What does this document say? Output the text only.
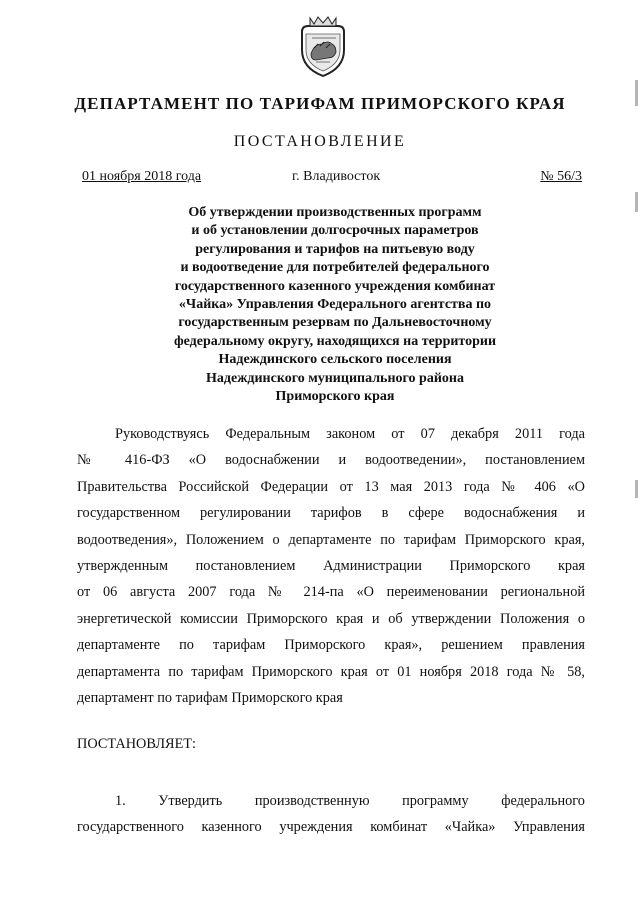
ДЕПАРТАМЕНТ ПО ТАРИФАМ ПРИМОРСКОГО КРАЯ
ПОСТАНОВЛЕНИЕ
01 ноября 2018 года	г. Владивосток	№ 56/3
Об утверждении производственных программ
и об установлении долгосрочных параметров
регулирования и тарифов на питьевую воду
и водоотведение для потребителей федерального
государственного казенного учреждения комбинат
«Чайка» Управления Федерального агентства по
государственным резервам по Дальневосточному
федеральному округу, находящихся на территории
Надеждинского сельского поселения
Надеждинского муниципального района
Приморского края
Руководствуясь Федеральным законом от 07 декабря 2011 года
№ 416-ФЗ «О водоснабжении и водоотведении», постановлением
Правительства Российской Федерации от 13 мая 2013 года № 406 «О
государственном регулировании тарифов в сфере водоснабжения и
водоотведения», Положением о департаменте по тарифам Приморского края,
утвержденным постановлением Администрации Приморского края
от 06 августа 2007 года № 214-па «О переименовании региональной
энергетической комиссии Приморского края и об утверждении Положения о
департаменте по тарифам Приморского края», решением правления
департамента по тарифам Приморского края от 01 ноября 2018 года № 58,
департамент по тарифам Приморского края
ПОСТАНОВЛЯЕТ:
1. Утвердить производственную программу федерального
государственного казенного учреждения комбинат «Чайка» Управления
